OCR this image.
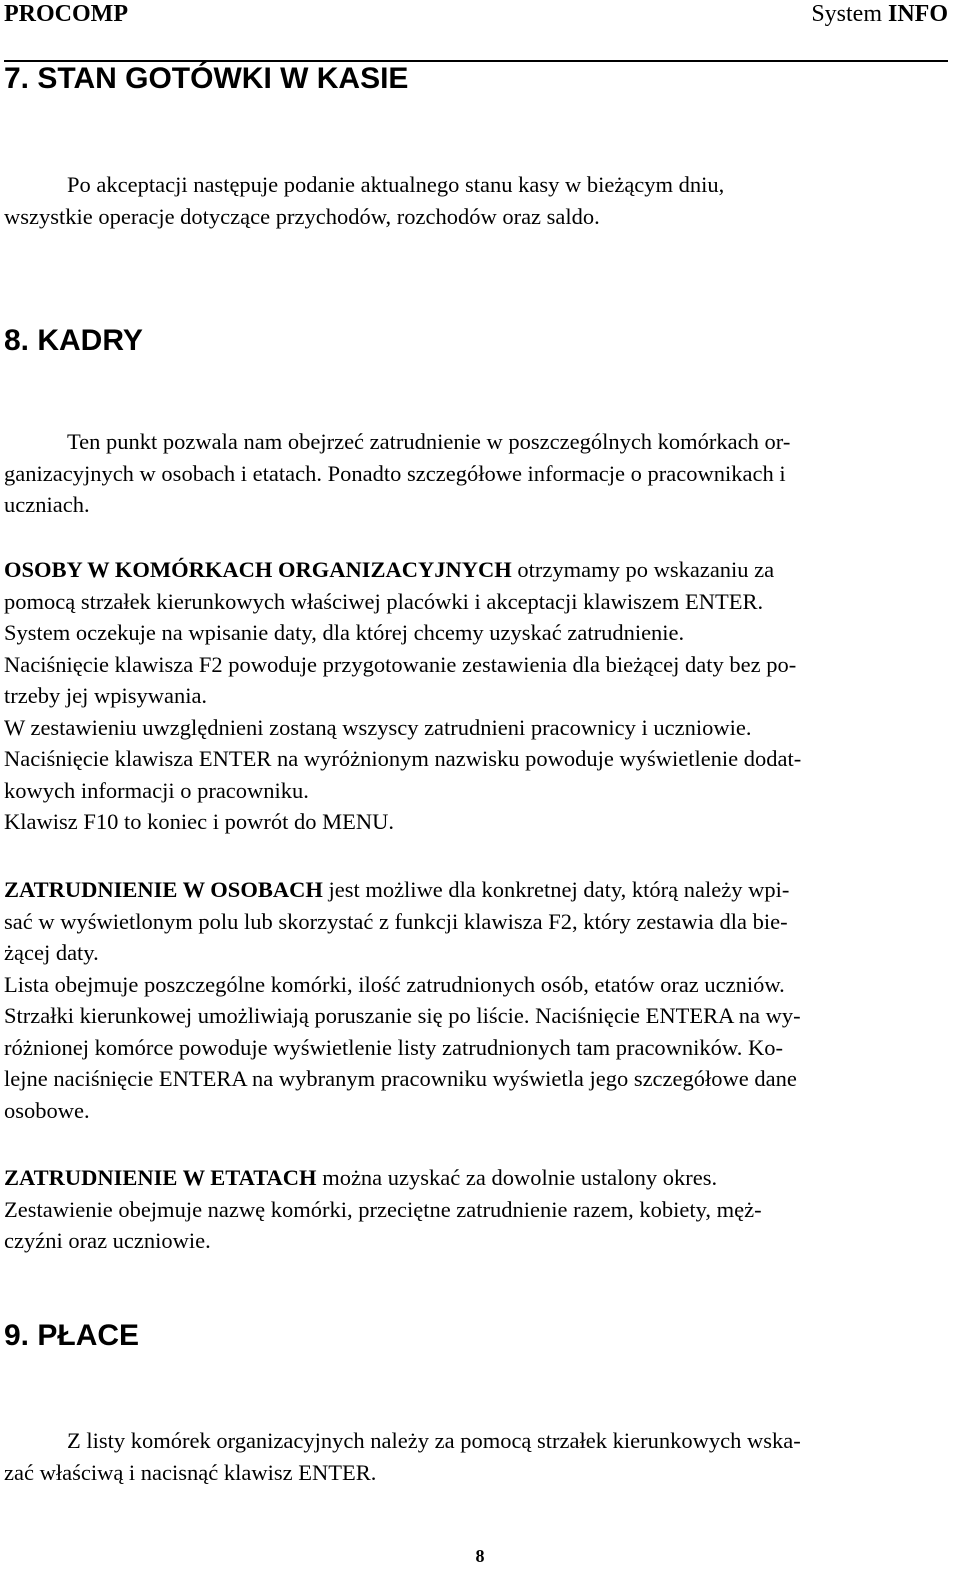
PROCOMP	System INFO
7. STAN GOTÓWKI W KASIE
Po akceptacji następuje podanie aktualnego stanu kasy w bieżącym dniu,
wszystkie operacje dotyczące przychodów, rozchodów oraz saldo.
8. KADRY
Ten punkt pozwala nam obejrzeć zatrudnienie w poszczególnych komórkach or-
ganizacyjnych w osobach i etatach. Ponadto szczegółowe informacje o pracownikach i
uczniach.
OSOBY W KOMÓRKACH ORGANIZACYJNYCH otrzymamy po wskazaniu za
pomocą strzałek kierunkowych właściwej placówki i akceptacji klawiszem ENTER.
System oczekuje na wpisanie daty, dla której chcemy uzyskać zatrudnienie.
Naciśnięcie klawisza F2 powoduje przygotowanie zestawienia dla bieżącej daty bez po-
trzeby jej wpisywania.
W zestawieniu uwzględnieni zostaną wszyscy zatrudnieni pracownicy i uczniowie.
Naciśnięcie klawisza ENTER na wyróżnionym nazwisku powoduje wyświetlenie dodat-
kowych informacji o pracowniku.
Klawisz F10 to koniec i powrót do MENU.
ZATRUDNIENIE W OSOBACH jest możliwe dla konkretnej daty, którą należy wpi-
sać w wyświetlonym polu lub skorzystać z funkcji klawisza F2, który zestawia dla bie-
żącej daty.
Lista obejmuje poszczególne komórki, ilość zatrudnionych osób, etatów oraz uczniów.
Strzałki kierunkowej umożliwiają poruszanie się po liście. Naciśnięcie ENTERA na wy-
różnionej komórce powoduje wyświetlenie listy zatrudnionych tam pracowników. Ko-
lejne naciśnięcie ENTERA na wybranym pracowniku wyświetla jego szczegółowe dane
osobowe.
ZATRUDNIENIE W ETATACH można uzyskać za dowolnie ustalony okres.
Zestawienie obejmuje nazwę komórki, przeciętne zatrudnienie razem, kobiety, męż-
czyźni oraz uczniowie.
9. PŁACE
Z listy komórek organizacyjnych należy za pomocą strzałek kierunkowych wska-
zać właściwą i nacisnąć klawisz ENTER.
8
